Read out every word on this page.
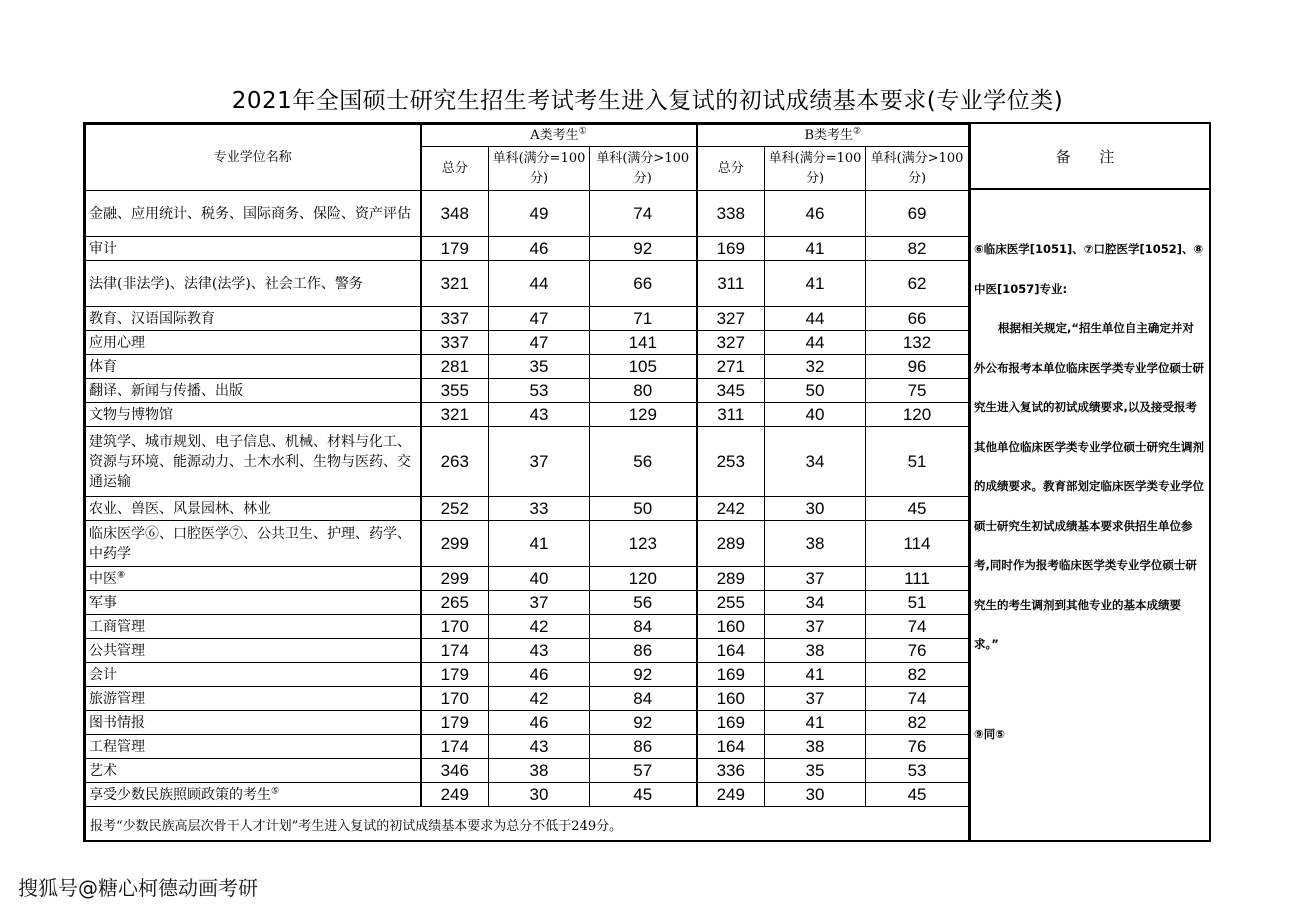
2021年全国硕士研究生招生考试考生进入复试的初试成绩基本要求(专业学位类)
专业学位名称	A类考生①			B类考生②
	总分	单科(满分=100分)	单科(满分>100分)	总分	单科(满分=100分)	单科(满分>100分)
金融、应用统计、税务、国际商务、保险、资产评估	348	49	74	338	46	69
审计	179	46	92	169	41	82
法律(非法学)、法律(法学)、社会工作、警务	321	44	66	311	41	62
教育、汉语国际教育	337	47	71	327	44	66
应用心理	337	47	141	327	44	132
体育	281	35	105	271	32	96
翻译、新闻与传播、出版	355	53	80	345	50	75
文物与博物馆	321	43	129	311	40	120
建筑学、城市规划、电子信息、机械、材料与化工、资源与环境、能源动力、土木水利、生物与医药、交通运输	263	37	56	253	34	51
农业、兽医、风景园林、林业	252	33	50	242	30	45
临床医学⑥、口腔医学⑦、公共卫生、护理、药学、中药学	299	41	123	289	38	114
中医⑧	299	40	120	289	37	111
军事	265	37	56	255	34	51
工商管理	170	42	84	160	37	74
公共管理	174	43	86	164	38	76
会计	179	46	92	169	41	82
旅游管理	170	42	84	160	37	74
图书情报	179	46	92	169	41	82
工程管理	174	43	86	164	38	76
艺术	346	38	57	336	35	53
享受少数民族照顾政策的考生⑤	249	30	45	249	30	45
报考“少数民族高层次骨干人才计划”考生进入复试的初试成绩基本要求为总分不低于249分。						
备 注

⑥临床医学[1051]、⑦口腔医学[1052]、⑧中医[1057]专业:

根据相关规定,“招生单位自主确定并对外公布报考本单位临床医学类专业学位硕士研究生进入复试的初试成绩要求,以及接受报考其他单位临床医学类专业学位硕士研究生调剂的成绩要求。教育部划定临床医学类专业学位硕士研究生初试成绩基本要求供招生单位参考,同时作为报考临床医学类专业学位硕士研究生的考生调剂到其他专业的基本成绩要求。”

⑨同⑤

搜狐号@糖心柯德动画考研
